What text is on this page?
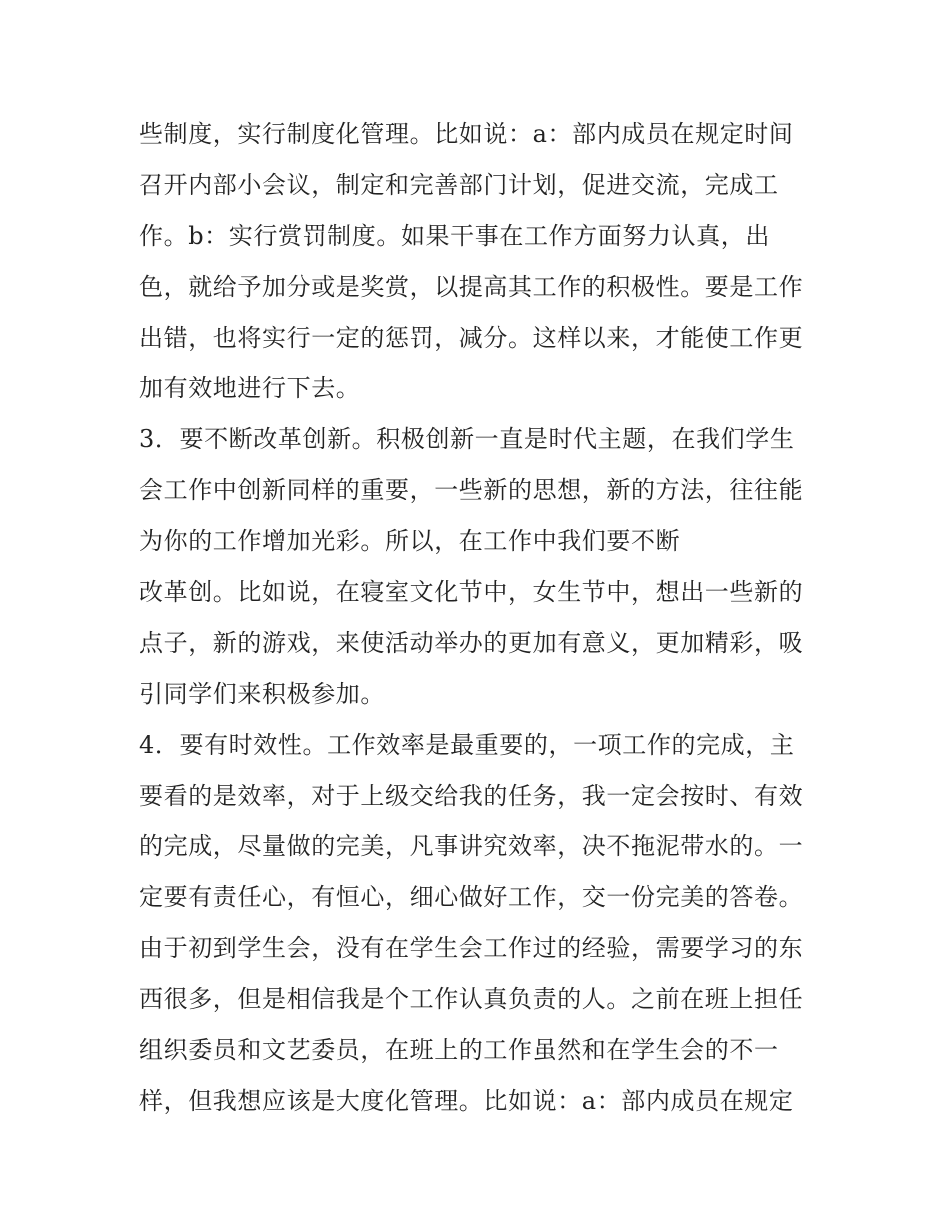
些制度，实行制度化管理。比如说：a：部内成员在规定时间
召开内部小会议，制定和完善部门计划，促进交流，完成工
作。b：实行赏罚制度。如果干事在工作方面努力认真，出
色，就给予加分或是奖赏，以提高其工作的积极性。要是工作
出错，也将实行一定的惩罚，减分。这样以来，才能使工作更
加有效地进行下去。
3．要不断改革创新。积极创新一直是时代主题，在我们学生
会工作中创新同样的重要，一些新的思想，新的方法，往往能
为你的工作增加光彩。所以，在工作中我们要不断
改革创。比如说，在寝室文化节中，女生节中，想出一些新的
点子，新的游戏，来使活动举办的更加有意义，更加精彩，吸
引同学们来积极参加。
4．要有时效性。工作效率是最重要的，一项工作的完成，主
要看的是效率，对于上级交给我的任务，我一定会按时、有效
的完成，尽量做的完美，凡事讲究效率，决不拖泥带水的。一
定要有责任心，有恒心，细心做好工作，交一份完美的答卷。
由于初到学生会，没有在学生会工作过的经验，需要学习的东
西很多，但是相信我是个工作认真负责的人。之前在班上担任
组织委员和文艺委员，在班上的工作虽然和在学生会的不一
样，但我想应该是大度化管理。比如说：a：部内成员在规定
